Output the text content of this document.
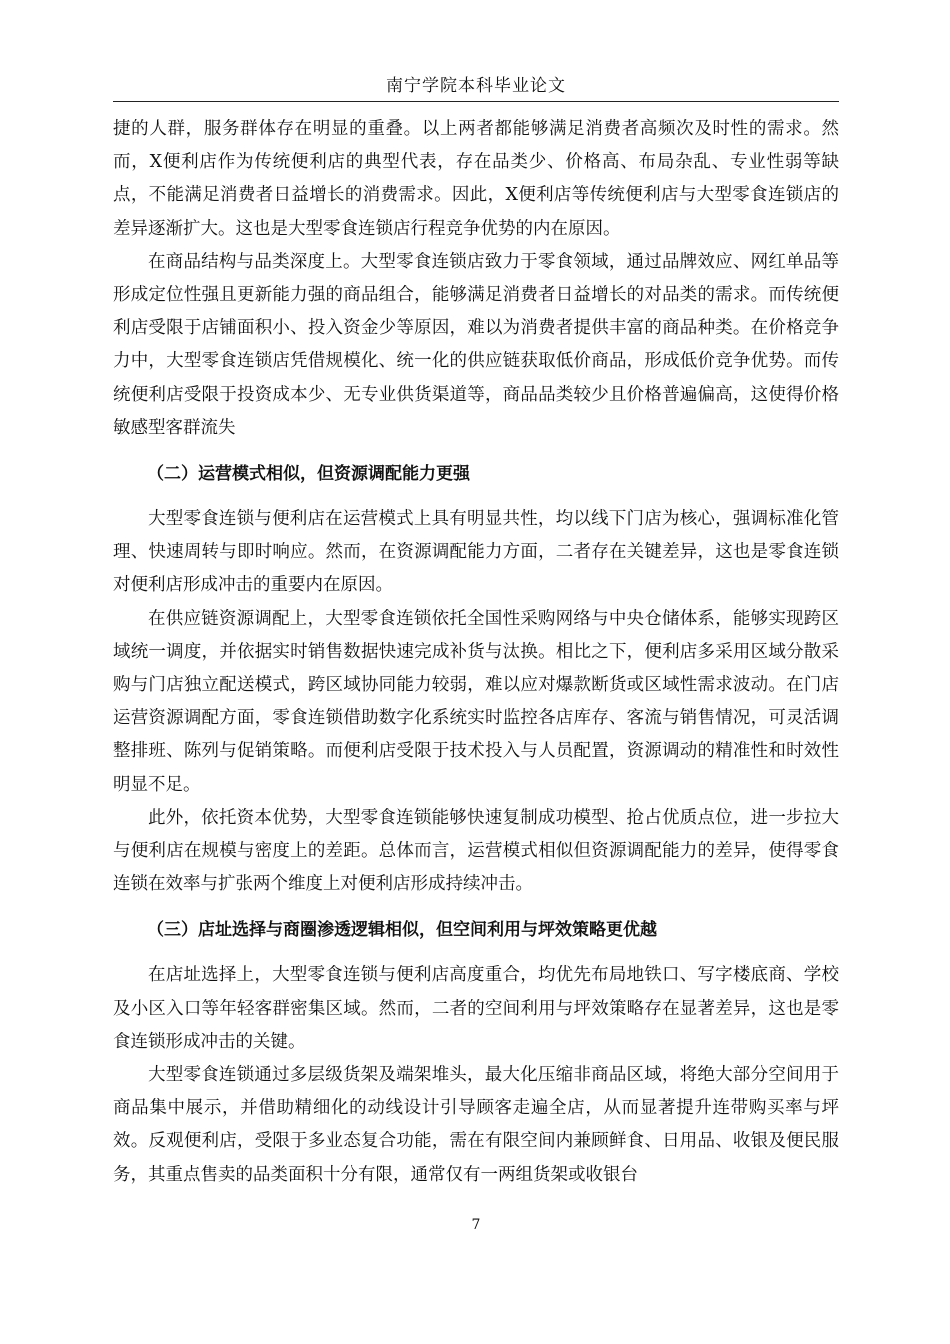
南宁学院本科毕业论文

捷的人群，服务群体存在明显的重叠。以上两者都能够满足消费者高频次及时性的需求。然而，X便利店作为传统便利店的典型代表，存在品类少、价格高、布局杂乱、专业性弱等缺点，不能满足消费者日益增长的消费需求。因此，X便利店等传统便利店与大型零食连锁店的差异逐渐扩大。这也是大型零食连锁店行程竞争优势的内在原因。

在商品结构与品类深度上。大型零食连锁店致力于零食领域，通过品牌效应、网红单品等形成定位性强且更新能力强的商品组合，能够满足消费者日益增长的对品类的需求。而传统便利店受限于店铺面积小、投入资金少等原因，难以为消费者提供丰富的商品种类。在价格竞争力中，大型零食连锁店凭借规模化、统一化的供应链获取低价商品，形成低价竞争优势。而传统便利店受限于投资成本少、无专业供货渠道等，商品品类较少且价格普遍偏高，这使得价格敏感型客群流失

（二）运营模式相似，但资源调配能力更强

大型零食连锁与便利店在运营模式上具有明显共性，均以线下门店为核心，强调标准化管理、快速周转与即时响应。然而，在资源调配能力方面，二者存在关键差异，这也是零食连锁对便利店形成冲击的重要内在原因。

在供应链资源调配上，大型零食连锁依托全国性采购网络与中央仓储体系，能够实现跨区域统一调度，并依据实时销售数据快速完成补货与汰换。相比之下，便利店多采用区域分散采购与门店独立配送模式，跨区域协同能力较弱，难以应对爆款断货或区域性需求波动。在门店运营资源调配方面，零食连锁借助数字化系统实时监控各店库存、客流与销售情况，可灵活调整排班、陈列与促销策略。而便利店受限于技术投入与人员配置，资源调动的精准性和时效性明显不足。

此外，依托资本优势，大型零食连锁能够快速复制成功模型、抢占优质点位，进一步拉大与便利店在规模与密度上的差距。总体而言，运营模式相似但资源调配能力的差异，使得零食连锁在效率与扩张两个维度上对便利店形成持续冲击。

（三）店址选择与商圈渗透逻辑相似，但空间利用与坪效策略更优越

在店址选择上，大型零食连锁与便利店高度重合，均优先布局地铁口、写字楼底商、学校及小区入口等年轻客群密集区域。然而，二者的空间利用与坪效策略存在显著差异，这也是零食连锁形成冲击的关键。

大型零食连锁通过多层级货架及端架堆头，最大化压缩非商品区域，将绝大部分空间用于商品集中展示，并借助精细化的动线设计引导顾客走遍全店，从而显著提升连带购买率与坪效。反观便利店，受限于多业态复合功能，需在有限空间内兼顾鲜食、日用品、收银及便民服务，其重点售卖的品类面积十分有限，通常仅有一两组货架或收银台

7
